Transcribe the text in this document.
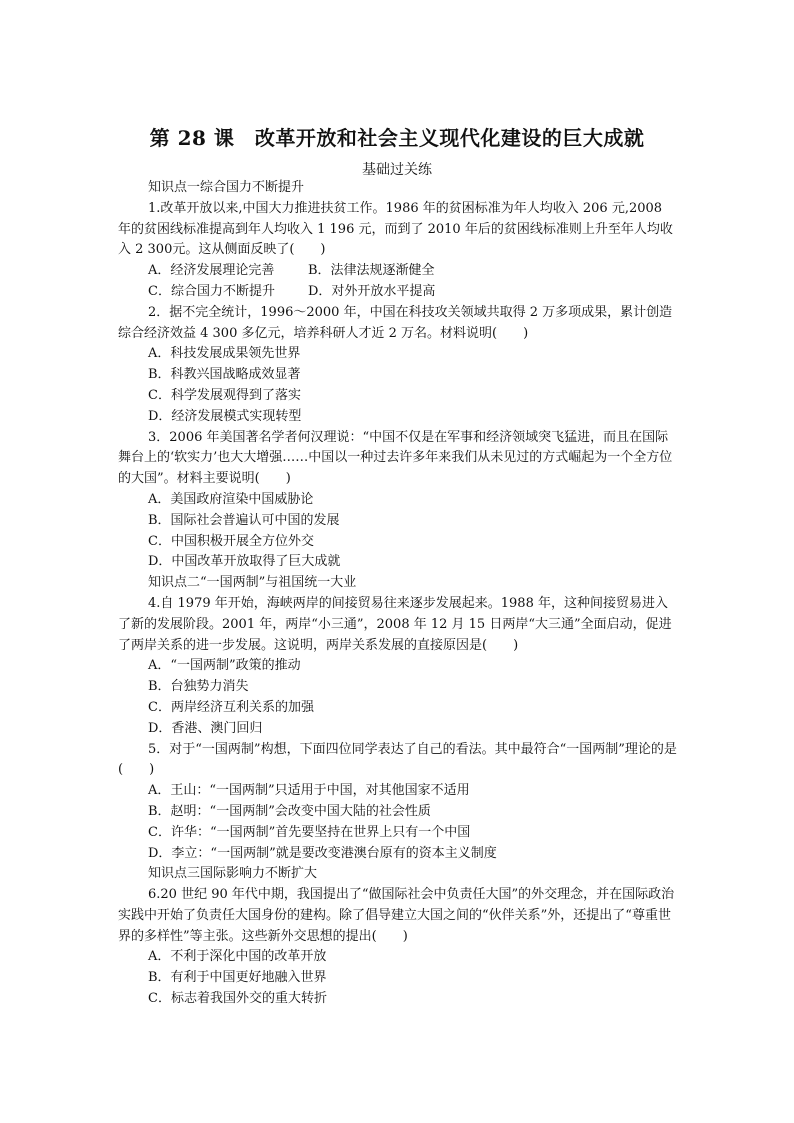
第 28 课　改革开放和社会主义现代化建设的巨大成就
基础过关练
知识点一综合国力不断提升
1.改革开放以来,中国大力推进扶贫工作。1986 年的贫困标准为年人均收入 206 元,2008 年的贫困线标准提高到年人均收入 1 196 元，而到了 2010 年后的贫困线标准则上升至年人均收入 2 300元。这从侧面反映了(　　)
A．经济发展理论完善	B．法律法规逐渐健全
C．综合国力不断提升	D．对外开放水平提高
2．据不完全统计，1996～2000 年，中国在科技攻关领域共取得 2 万多项成果，累计创造综合经济效益 4 300 多亿元，培养科研人才近 2 万名。材料说明(　　)
A．科技发展成果领先世界
B．科教兴国战略成效显著
C．科学发展观得到了落实
D．经济发展模式实现转型
3．2006 年美国著名学者何汉理说：“中国不仅是在军事和经济领域突飞猛进，而且在国际舞台上的‘软实力’也大大增强……中国以一种过去许多年来我们从未见过的方式崛起为一个全方位的大国”。材料主要说明(　　)
A．美国政府渲染中国威胁论
B．国际社会普遍认可中国的发展
C．中国积极开展全方位外交
D．中国改革开放取得了巨大成就
知识点二“一国两制”与祖国统一大业
4.自 1979 年开始，海峡两岸的间接贸易往来逐步发展起来。1988 年，这种间接贸易进入了新的发展阶段。2001 年，两岸“小三通”，2008 年 12 月 15 日两岸“大三通”全面启动，促进了两岸关系的进一步发展。这说明，两岸关系发展的直接原因是(　　)
A．“一国两制”政策的推动
B．台独势力消失
C．两岸经济互利关系的加强
D．香港、澳门回归
5．对于“一国两制”构想，下面四位同学表达了自己的看法。其中最符合“一国两制”理论的是(　　)
A．王山：“一国两制”只适用于中国，对其他国家不适用
B．赵明：“一国两制”会改变中国大陆的社会性质
C．许华：“一国两制”首先要坚持在世界上只有一个中国
D．李立：“一国两制”就是要改变港澳台原有的资本主义制度
知识点三国际影响力不断扩大
6.20 世纪 90 年代中期，我国提出了“做国际社会中负责任大国”的外交理念，并在国际政治实践中开始了负责任大国身份的建构。除了倡导建立大国之间的“伙伴关系”外，还提出了“尊重世界的多样性”等主张。这些新外交思想的提出(　　)
A．不利于深化中国的改革开放
B．有利于中国更好地融入世界
C．标志着我国外交的重大转折
